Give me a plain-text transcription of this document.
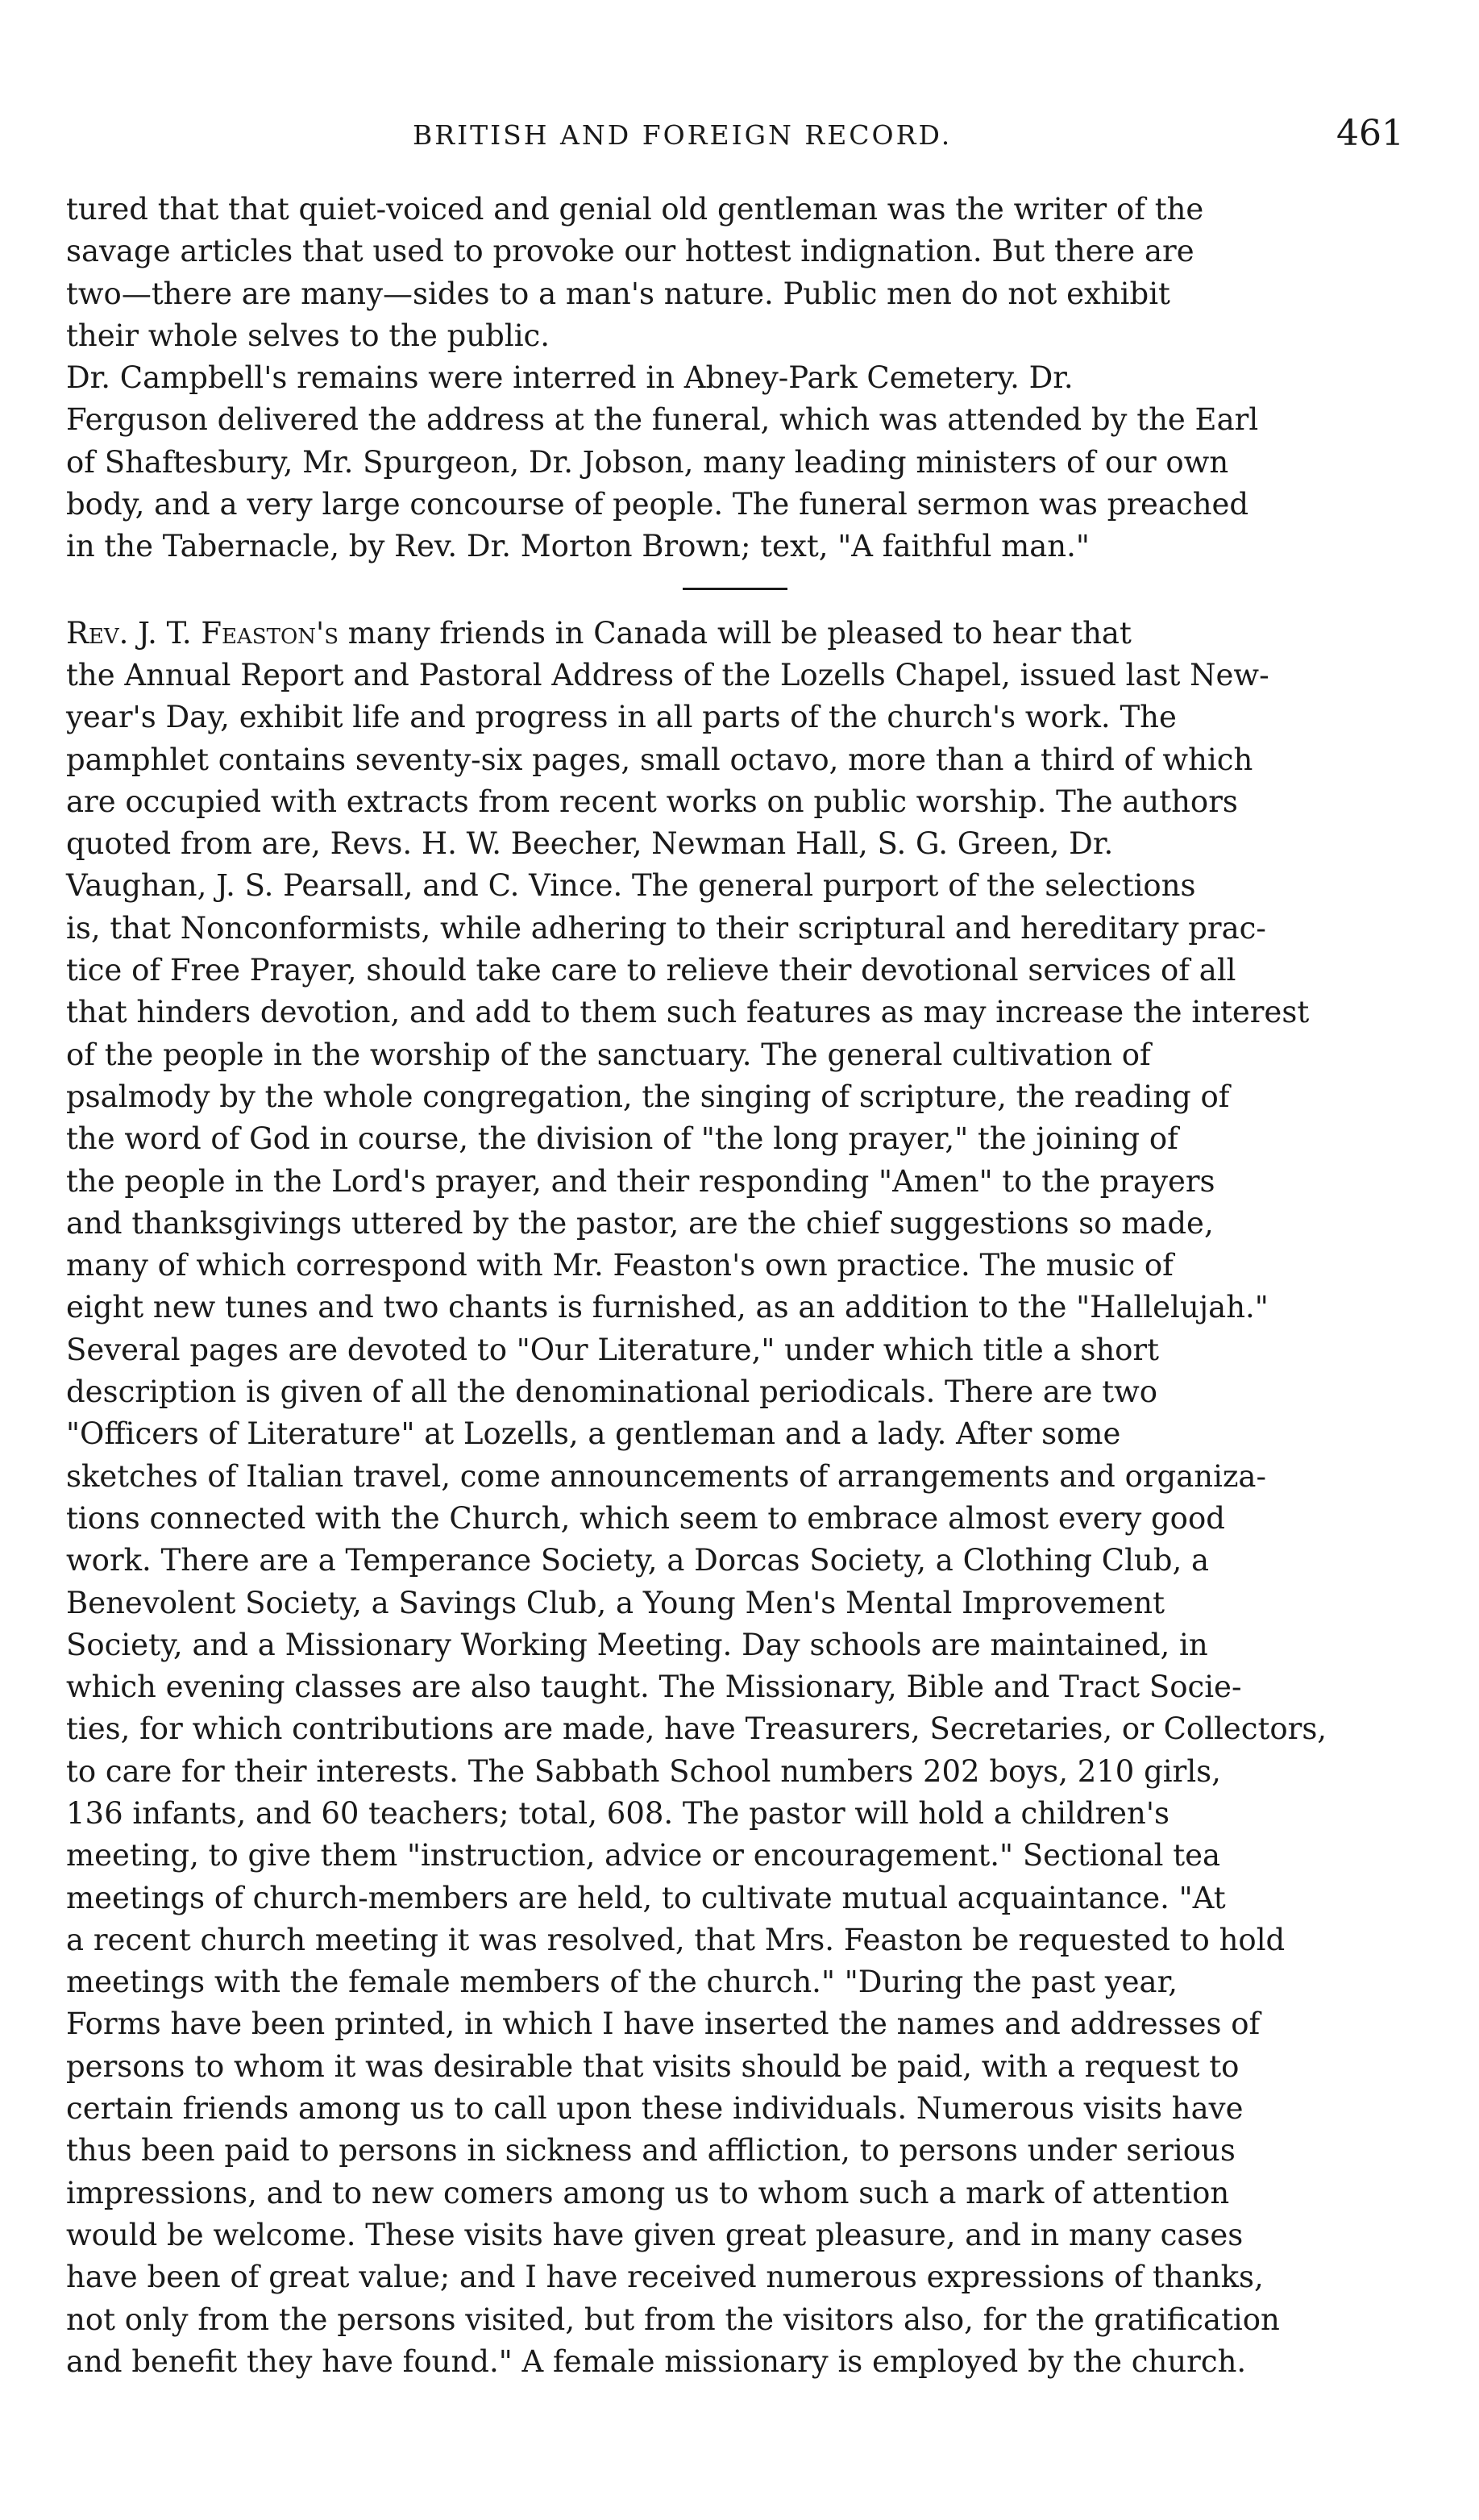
BRITISH AND FOREIGN RECORD.	461

tured that that quiet-voiced and genial old gentleman was the writer of the
savage articles that used to provoke our hottest indignation. But there are
two—there are many—sides to a man's nature. Public men do not exhibit
their whole selves to the public.

Dr. Campbell's remains were interred in Abney-Park Cemetery. Dr.
Ferguson delivered the address at the funeral, which was attended by the Earl
of Shaftesbury, Mr. Spurgeon, Dr. Jobson, many leading ministers of our own
body, and a very large concourse of people. The funeral sermon was preached
in the Tabernacle, by Rev. Dr. Morton Brown; text, "A faithful man."

Rev. J. T. Feaston's many friends in Canada will be pleased to hear that
the Annual Report and Pastoral Address of the Lozells Chapel, issued last New-
year's Day, exhibit life and progress in all parts of the church's work. The
pamphlet contains seventy-six pages, small octavo, more than a third of which
are occupied with extracts from recent works on public worship. The authors
quoted from are, Revs. H. W. Beecher, Newman Hall, S. G. Green, Dr.
Vaughan, J. S. Pearsall, and C. Vince. The general purport of the selections
is, that Nonconformists, while adhering to their scriptural and hereditary prac-
tice of Free Prayer, should take care to relieve their devotional services of all
that hinders devotion, and add to them such features as may increase the interest
of the people in the worship of the sanctuary. The general cultivation of
psalmody by the whole congregation, the singing of scripture, the reading of
the word of God in course, the division of "the long prayer," the joining of
the people in the Lord's prayer, and their responding "Amen" to the prayers
and thanksgivings uttered by the pastor, are the chief suggestions so made,
many of which correspond with Mr. Feaston's own practice. The music of
eight new tunes and two chants is furnished, as an addition to the "Hallelujah."
Several pages are devoted to "Our Literature," under which title a short
description is given of all the denominational periodicals. There are two
"Officers of Literature" at Lozells, a gentleman and a lady. After some
sketches of Italian travel, come announcements of arrangements and organiza-
tions connected with the Church, which seem to embrace almost every good
work. There are a Temperance Society, a Dorcas Society, a Clothing Club, a
Benevolent Society, a Savings Club, a Young Men's Mental Improvement
Society, and a Missionary Working Meeting. Day schools are maintained, in
which evening classes are also taught. The Missionary, Bible and Tract Socie-
ties, for which contributions are made, have Treasurers, Secretaries, or Collectors,
to care for their interests. The Sabbath School numbers 202 boys, 210 girls,
136 infants, and 60 teachers; total, 608. The pastor will hold a children's
meeting, to give them "instruction, advice or encouragement." Sectional tea
meetings of church-members are held, to cultivate mutual acquaintance. "At
a recent church meeting it was resolved, that Mrs. Feaston be requested to hold
meetings with the female members of the church." "During the past year,
Forms have been printed, in which I have inserted the names and addresses of
persons to whom it was desirable that visits should be paid, with a request to
certain friends among us to call upon these individuals. Numerous visits have
thus been paid to persons in sickness and affliction, to persons under serious
impressions, and to new comers among us to whom such a mark of attention
would be welcome. These visits have given great pleasure, and in many cases
have been of great value; and I have received numerous expressions of thanks,
not only from the persons visited, but from the visitors also, for the gratification
and benefit they have found." A female missionary is employed by the church.
